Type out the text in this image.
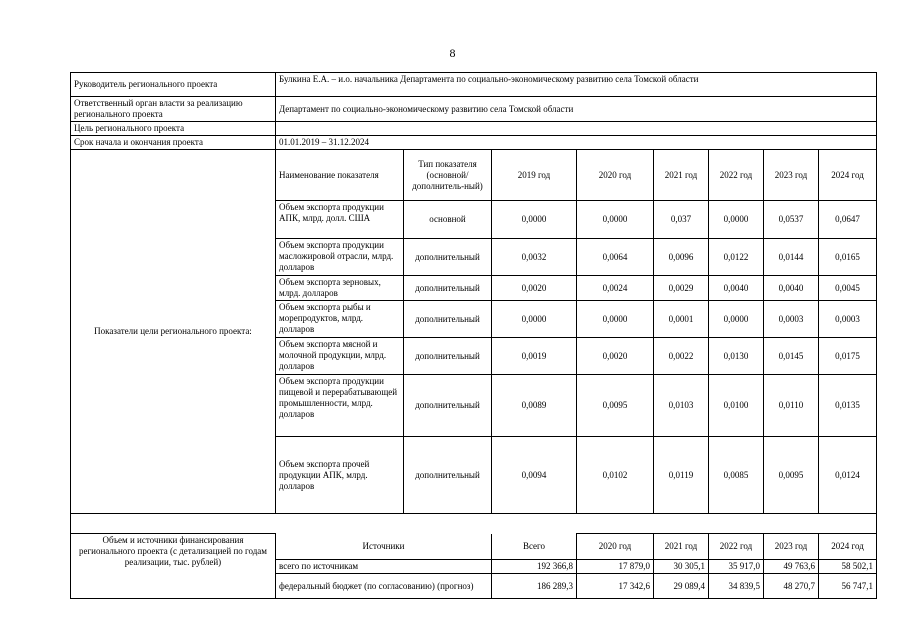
8
Руководитель регионального проекта	Булкина Е.А. – и.о. начальника Департамента по социально-экономическому развитию села Томской области							
Ответственный орган власти за реализацию регионального проекта	Департамент по социально-экономическому развитию села Томской области							
Цель регионального проекта								
Срок начала и окончания проекта	01.01.2019 – 31.12.2024							
Показатели цели регионального проекта:	Наименование показателя	Тип показателя (основной/ дополнитель-ный)	2019 год	2020 год	2021 год	2022 год	2023 год	2024 год
	Объем экспорта продукции АПК, млрд. долл. США	основной	0,0000	0,0000	0,037	0,0000	0,0537	0,0647
	Объем экспорта продукции масложировой отрасли, млрд. долларов	дополнительный	0,0032	0,0064	0,0096	0,0122	0,0144	0,0165
	Объем экспорта зерновых, млрд. долларов	дополнительный	0,0020	0,0024	0,0029	0,0040	0,0040	0,0045
	Объем экспорта рыбы и морепродуктов, млрд. долларов	дополнительный	0,0000	0,0000	0,0001	0,0000	0,0003	0,0003
	Объем экспорта мясной и молочной продукции, млрд. долларов	дополнительный	0,0019	0,0020	0,0022	0,0130	0,0145	0,0175
	Объем экспорта продукции пищевой и перерабатывающей промышленности, млрд. долларов	дополнительный	0,0089	0,0095	0,0103	0,0100	0,0110	0,0135
	Объем экспорта прочей продукции АПК, млрд. долларов	дополнительный	0,0094	0,0102	0,0119	0,0085	0,0095	0,0124

Объем и источники финансирования регионального проекта (с детализацией по годам реализации, тыс. рублей)	Источники		Всего	2020 год	2021 год	2022 год	2023 год	2024 год
	всего по источникам		192 366,8	17 879,0	30 305,1	35 917,0	49 763,6	58 502,1
	федеральный бюджет (по согласованию) (прогноз)		186 289,3	17 342,6	29 089,4	34 839,5	48 270,7	56 747,1
